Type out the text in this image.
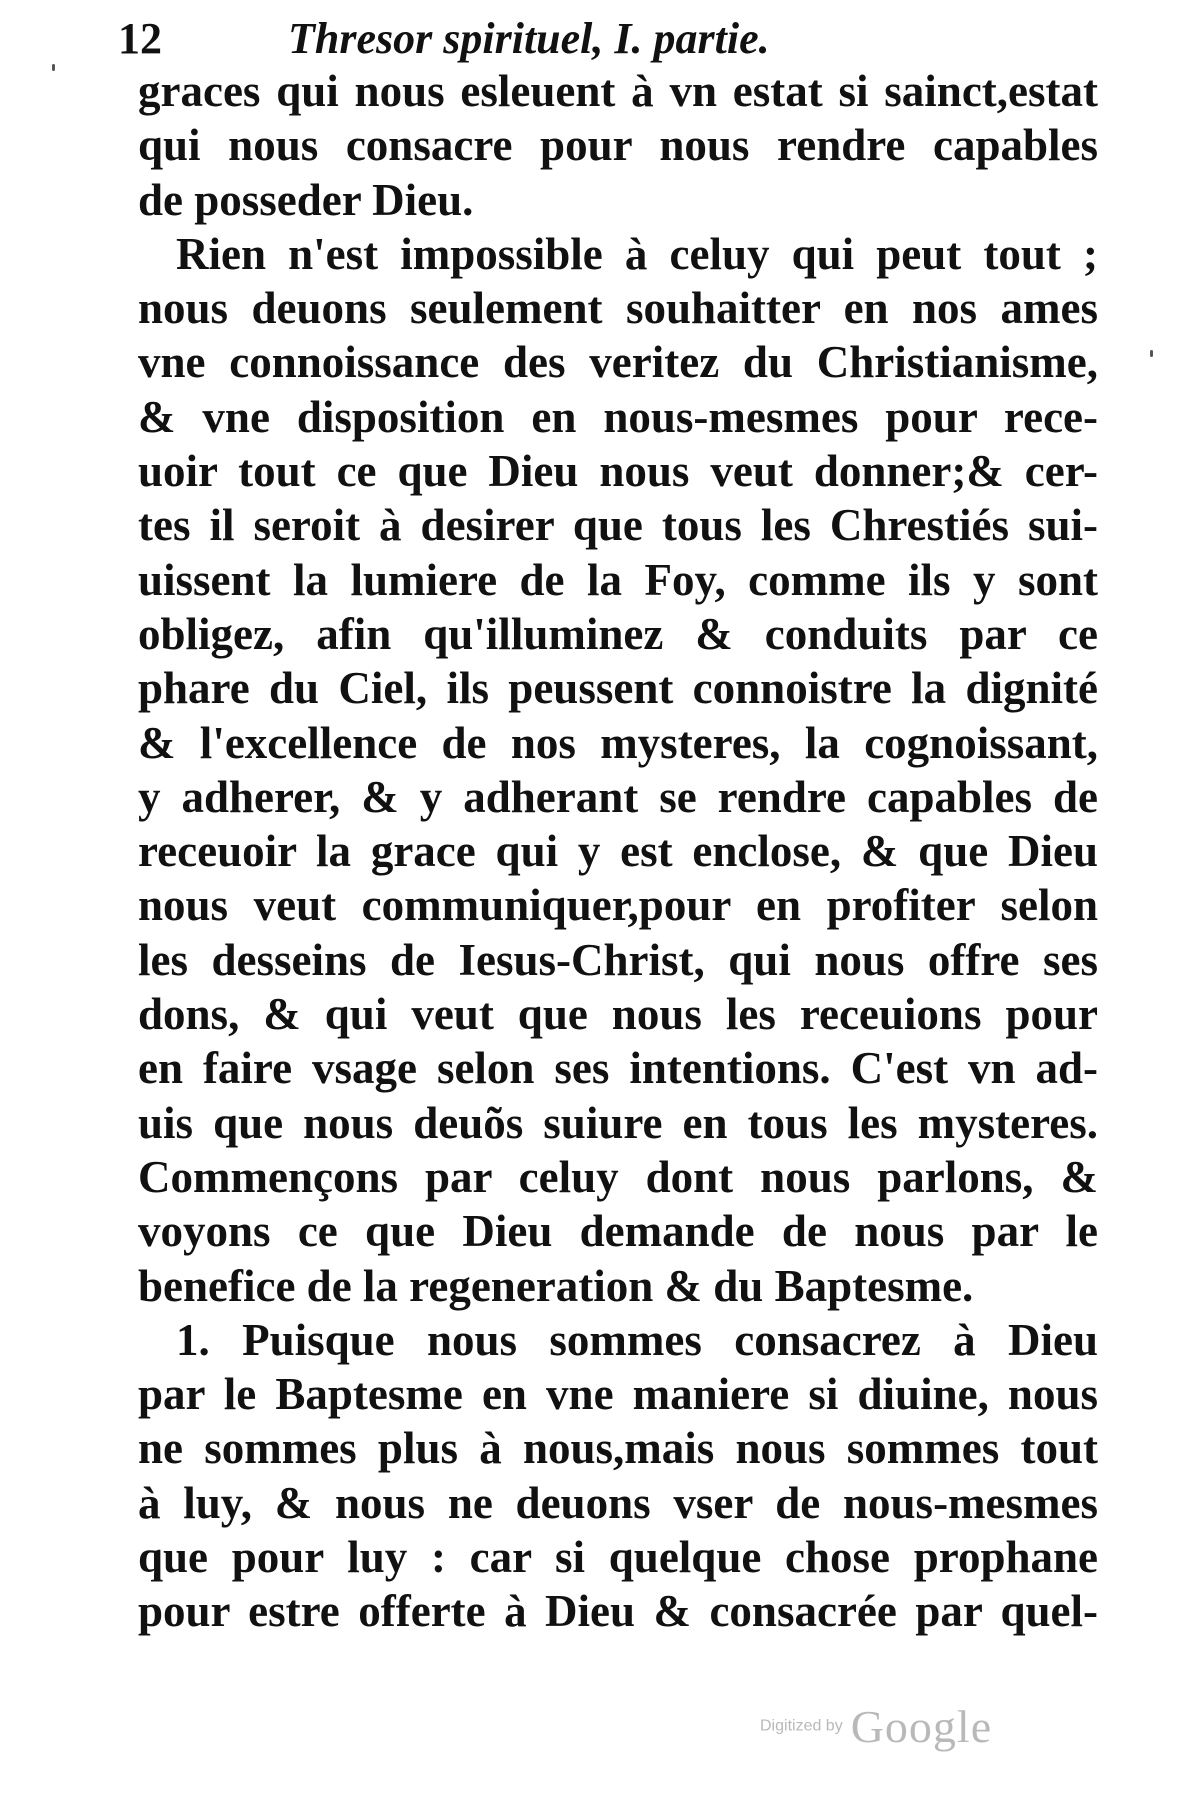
12	Thresor spirituel, I. partie.
graces qui nous esleuent à vn estat si sainct,estat
qui nous consacre pour nous rendre capables
de posseder Dieu.
Rien n'est impossible à celuy qui peut tout ;
nous deuons seulement souhaitter en nos ames
vne connoissance des veritez du Christianisme,
& vne disposition en nous-mesmes pour rece-
uoir tout ce que Dieu nous veut donner;& cer-
tes il seroit à desirer que tous les Chrestiés sui-
uissent la lumiere de la Foy, comme ils y sont
obligez, afin qu'illuminez & conduits par ce
phare du Ciel, ils peussent connoistre la dignité
& l'excellence de nos mysteres, la cognoissant,
y adherer, & y adherant se rendre capables de
receuoir la grace qui y est enclose, & que Dieu
nous veut communiquer,pour en profiter selon
les desseins de Iesus-Christ, qui nous offre ses
dons, & qui veut que nous les receuions pour
en faire vsage selon ses intentions. C'est vn ad-
uis que nous deuõs suiure en tous les mysteres.
Commençons par celuy dont nous parlons, &
voyons ce que Dieu demande de nous par le
benefice de la regeneration & du Baptesme.
1. Puisque nous sommes consacrez à Dieu
par le Baptesme en vne maniere si diuine, nous
ne sommes plus à nous,mais nous sommes tout
à luy, & nous ne deuons vser de nous-mesmes
que pour luy : car si quelque chose prophane
pour estre offerte à Dieu & consacrée par quel-
Digitized by Google
